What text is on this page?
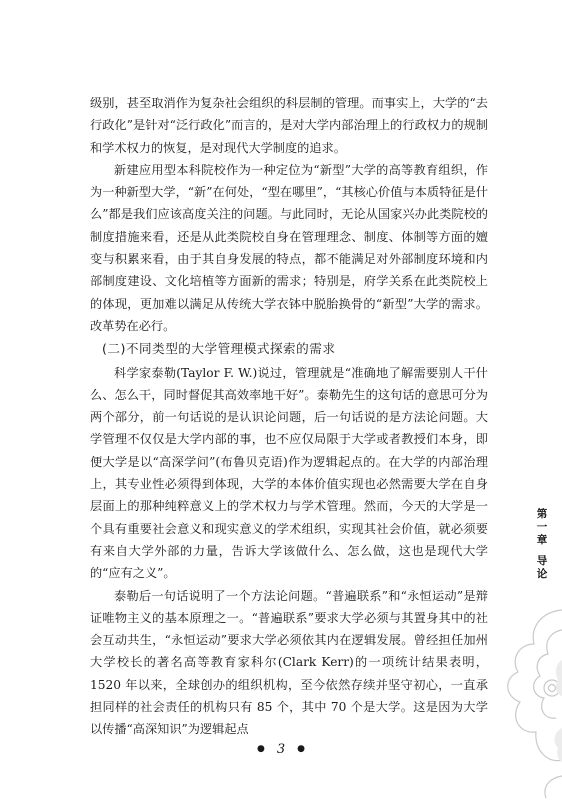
级别，甚至取消作为复杂社会组织的科层制的管理。而事实上，大学的“去行政化”是针对“泛行政化”而言的，是对大学内部治理上的行政权力的规制和学术权力的恢复，是对现代大学制度的追求。

新建应用型本科院校作为一种定位为“新型”大学的高等教育组织，作为一种新型大学，“新”在何处，“型在哪里”，“其核心价值与本质特征是什么”都是我们应该高度关注的问题。与此同时，无论从国家兴办此类院校的制度措施来看，还是从此类院校自身在管理理念、制度、体制等方面的嬗变与积累来看，由于其自身发展的特点，都不能满足对外部制度环境和内部制度建设、文化培植等方面新的需求；特别是，府学关系在此类院校上的体现，更加难以满足从传统大学衣钵中脱胎换骨的“新型”大学的需求。改革势在必行。

(二)不同类型的大学管理模式探索的需求

科学家泰勒(Taylor F. W.)说过，管理就是“准确地了解需要别人干什么、怎么干，同时督促其高效率地干好”。泰勒先生的这句话的意思可分为两个部分，前一句话说的是认识论问题，后一句话说的是方法论问题。大学管理不仅仅是大学内部的事，也不应仅局限于大学或者教授们本身，即便大学是以“高深学问”(布鲁贝克语)作为逻辑起点的。在大学的内部治理上，其专业性必须得到体现，大学的本体价值实现也必然需要大学在自身层面上的那种纯粹意义上的学术权力与学术管理。然而，今天的大学是一个具有重要社会意义和现实意义的学术组织，实现其社会价值，就必须要有来自大学外部的力量，告诉大学该做什么、怎么做，这也是现代大学的“应有之义”。

泰勒后一句话说明了一个方法论问题。“普遍联系”和“永恒运动”是辩证唯物主义的基本原理之一。“普遍联系”要求大学必须与其置身其中的社会互动共生，“永恒运动”要求大学必须依其内在逻辑发展。曾经担任加州大学校长的著名高等教育家科尔(Clark Kerr)的一项统计结果表明，1520 年以来，全球创办的组织机构，至今依然存续并坚守初心，一直承担同样的社会责任的机构只有 85 个，其中 70 个是大学。这是因为大学以传播“高深知识”为逻辑起点

● 3 ●
第
一
章
导
论
